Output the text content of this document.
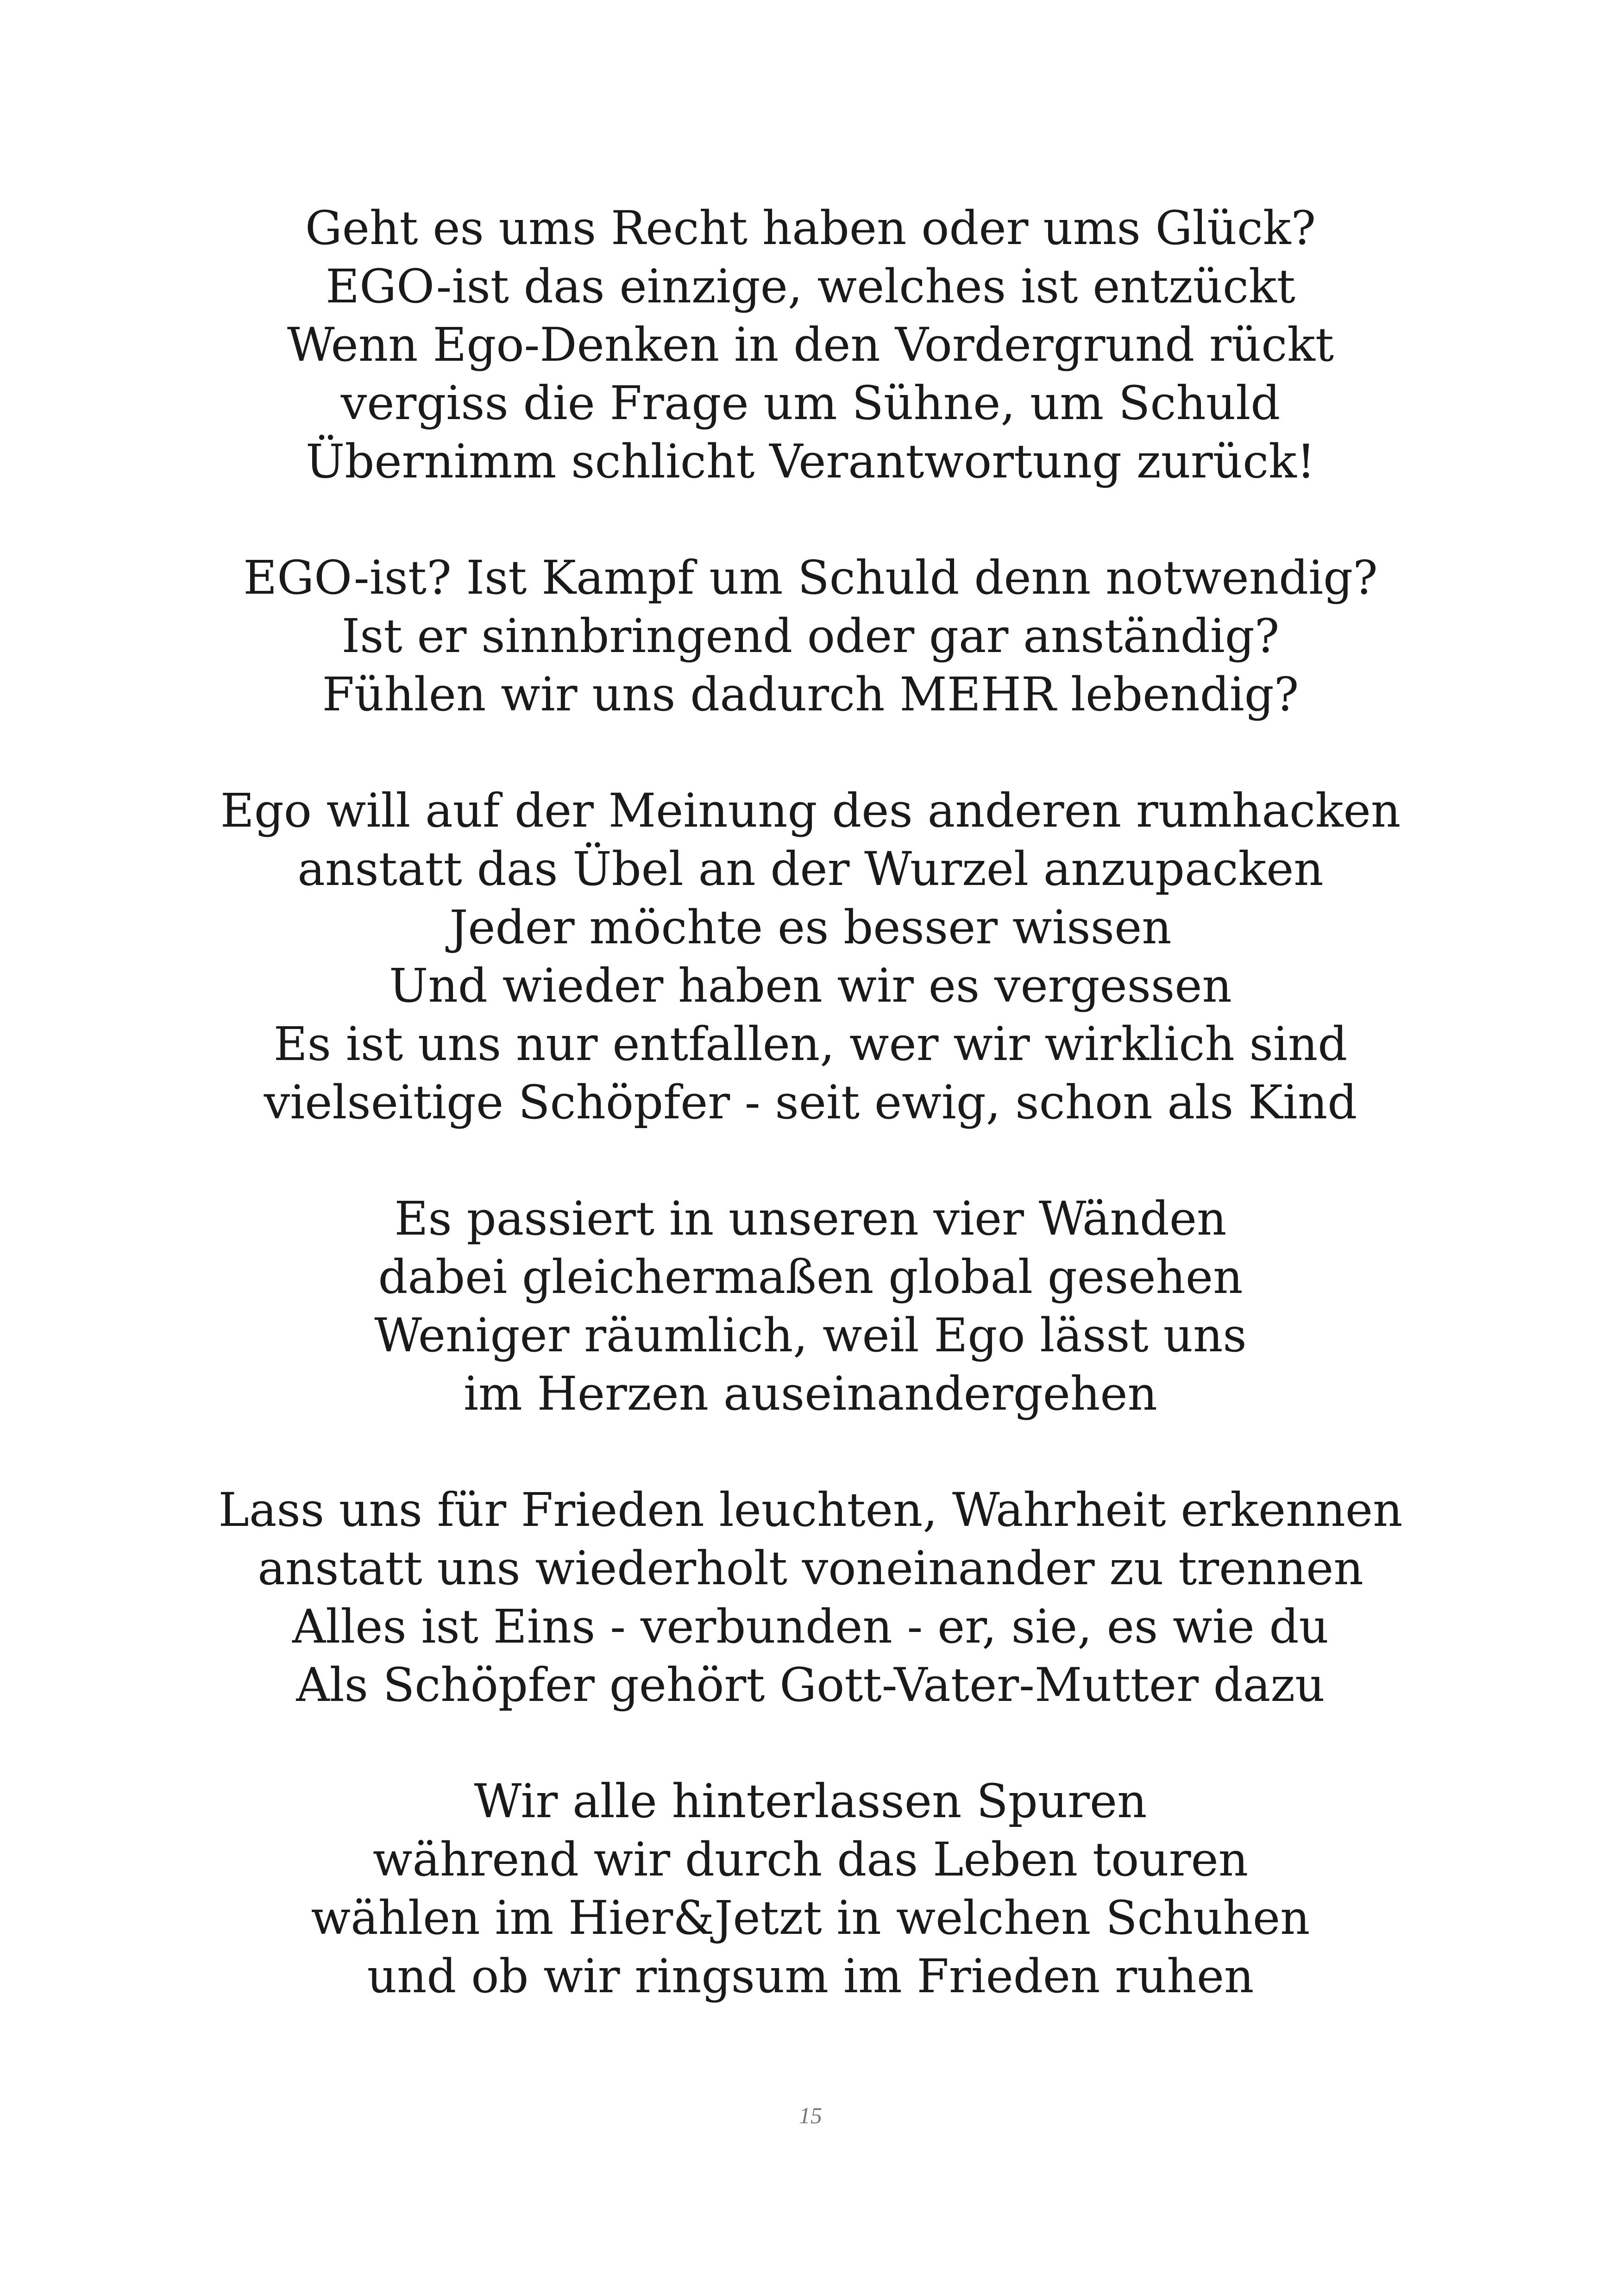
Geht es ums Recht haben oder ums Glück?
EGO-ist das einzige, welches ist entzückt
Wenn Ego-Denken in den Vordergrund rückt
vergiss die Frage um Sühne, um Schuld
Übernimm schlicht Verantwortung zurück!
EGO-ist? Ist Kampf um Schuld denn notwendig?
Ist er sinnbringend oder gar anständig?
Fühlen wir uns dadurch MEHR lebendig?
Ego will auf der Meinung des anderen rumhacken
anstatt das Übel an der Wurzel anzupacken
Jeder möchte es besser wissen
Und wieder haben wir es vergessen
Es ist uns nur entfallen, wer wir wirklich sind
vielseitige Schöpfer - seit ewig, schon als Kind
Es passiert in unseren vier Wänden
dabei gleichermaßen global gesehen
Weniger räumlich, weil Ego lässt uns
im Herzen auseinandergehen
Lass uns für Frieden leuchten, Wahrheit erkennen
anstatt uns wiederholt voneinander zu trennen
Alles ist Eins - verbunden - er, sie, es wie du
Als Schöpfer gehört Gott-Vater-Mutter dazu
Wir alle hinterlassen Spuren
während wir durch das Leben touren
wählen im Hier&Jetzt in welchen Schuhen
und ob wir ringsum im Frieden ruhen
15
